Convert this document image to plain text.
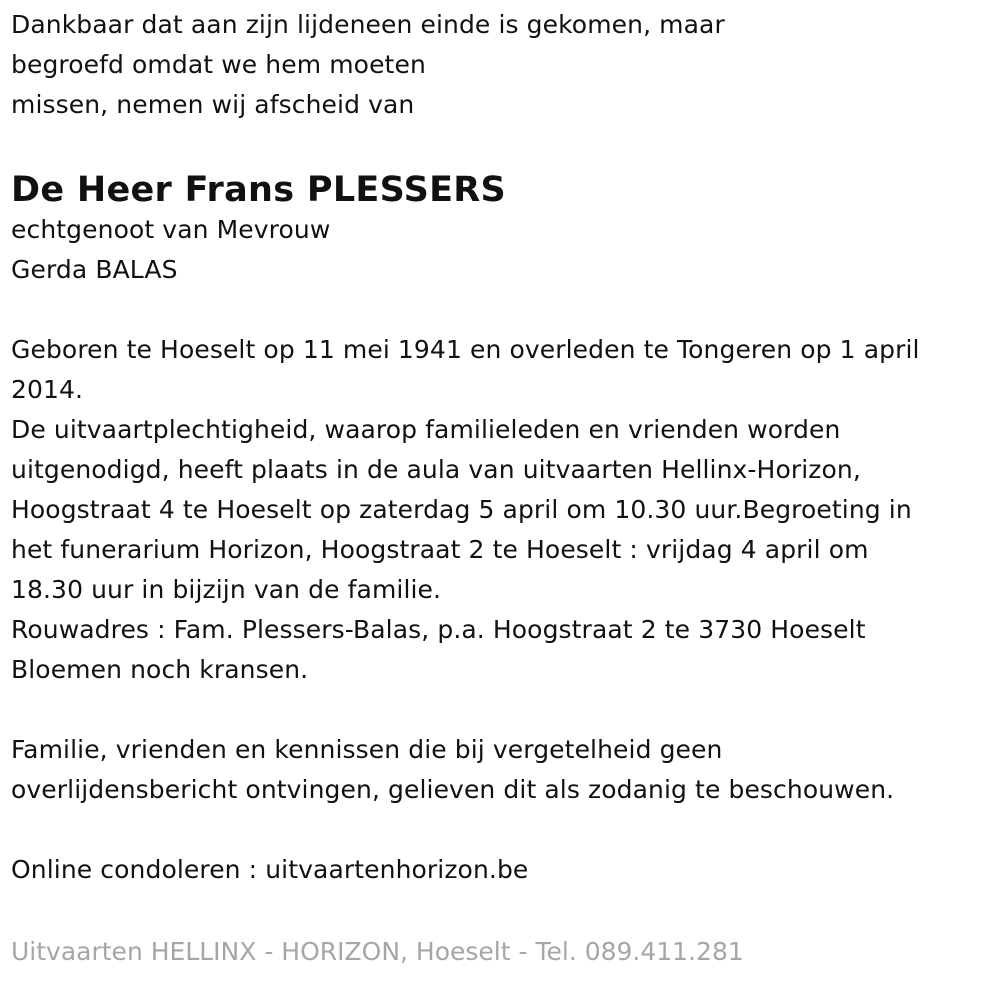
Dankbaar dat aan zijn lijdeneen einde is gekomen, maar
begroefd omdat we hem moeten
missen, nemen wij afscheid van
De Heer Frans PLESSERS
echtgenoot van Mevrouw
Gerda BALAS
Geboren te Hoeselt op 11 mei 1941 en overleden te Tongeren op 1 april
2014.
De uitvaartplechtigheid, waarop familieleden en vrienden worden
uitgenodigd, heeft plaats in de aula van uitvaarten Hellinx-Horizon,
Hoogstraat 4 te Hoeselt op zaterdag 5 april om 10.30 uur.Begroeting in
het funerarium Horizon, Hoogstraat 2 te Hoeselt : vrijdag 4 april om
18.30 uur in bijzijn van de familie.
Rouwadres : Fam. Plessers-Balas, p.a. Hoogstraat 2 te 3730 Hoeselt
Bloemen noch kransen.
Familie, vrienden en kennissen die bij vergetelheid geen
overlijdensbericht ontvingen, gelieven dit als zodanig te beschouwen.
Online condoleren : uitvaartenhorizon.be
Uitvaarten HELLINX - HORIZON, Hoeselt - Tel. 089.411.281
